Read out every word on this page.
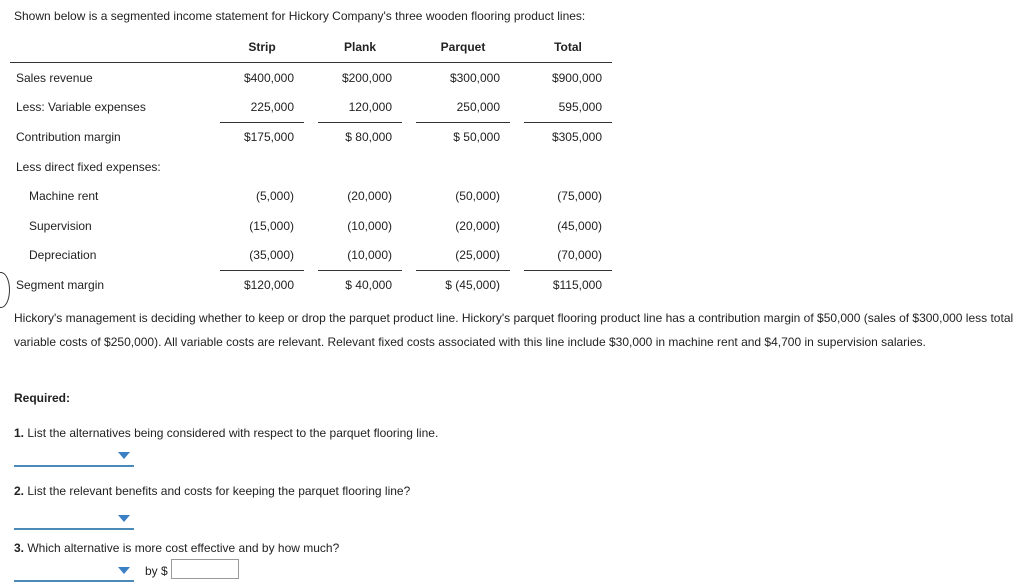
Shown below is a segmented income statement for Hickory Company's three wooden flooring product lines:
	Strip		Plank		Parquet		Total
Sales revenue	$400,000		$200,000		$300,000		$900,000
Less: Variable expenses	225,000		120,000		250,000		595,000
Contribution margin	$175,000		$ 80,000		$ 50,000		$305,000
Less direct fixed expenses:							
Machine rent	(5,000)		(20,000)		(50,000)		(75,000)
Supervision	(15,000)		(10,000)		(20,000)		(45,000)
Depreciation	(35,000)		(10,000)		(25,000)		(70,000)
Segment margin	$120,000		$ 40,000		$ (45,000)		$115,000
Hickory's management is deciding whether to keep or drop the parquet product line. Hickory's parquet flooring product line has a contribution margin of $50,000 (sales of $300,000 less total variable costs of $250,000). All variable costs are relevant. Relevant fixed costs associated with this line include $30,000 in machine rent and $4,700 in supervision salaries.
Required:
1. List the alternatives being considered with respect to the parquet flooring line.
2. List the relevant benefits and costs for keeping the parquet flooring line?
3. Which alternative is more cost effective and by how much?
by $
